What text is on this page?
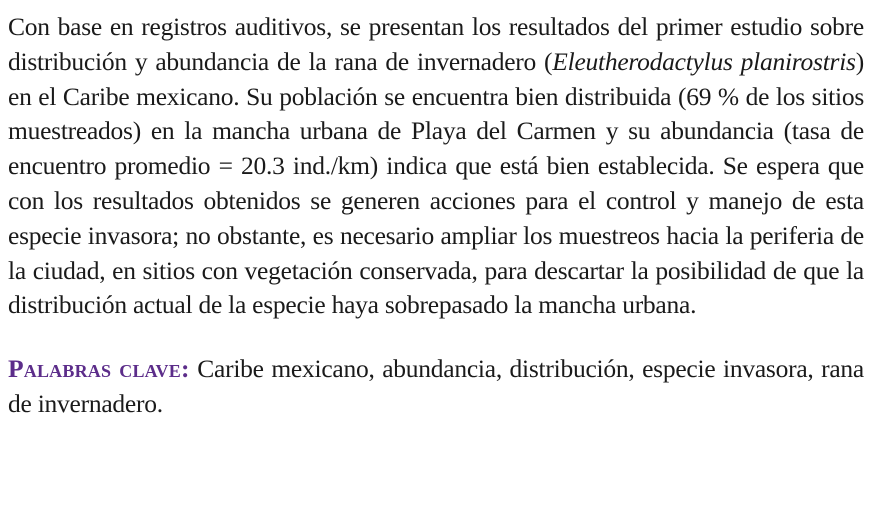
Con base en registros auditivos, se presentan los resultados del primer estudio sobre distribución y abundancia de la rana de invernadero (Eleutherodactylus planirostris) en el Caribe mexicano. Su población se encuentra bien distribuida (69 % de los sitios muestreados) en la mancha urbana de Playa del Carmen y su abundancia (tasa de encuentro promedio = 20.3 ind./km) indica que está bien establecida. Se espera que con los resultados obtenidos se generen acciones para el control y manejo de esta especie invasora; no obstante, es necesario ampliar los muestreos hacia la periferia de la ciudad, en sitios con vegetación conservada, para descartar la posibilidad de que la distribución actual de la especie haya sobrepasado la mancha urbana.

Palabras clave: Caribe mexicano, abundancia, distribución, especie invasora, rana de invernadero.
